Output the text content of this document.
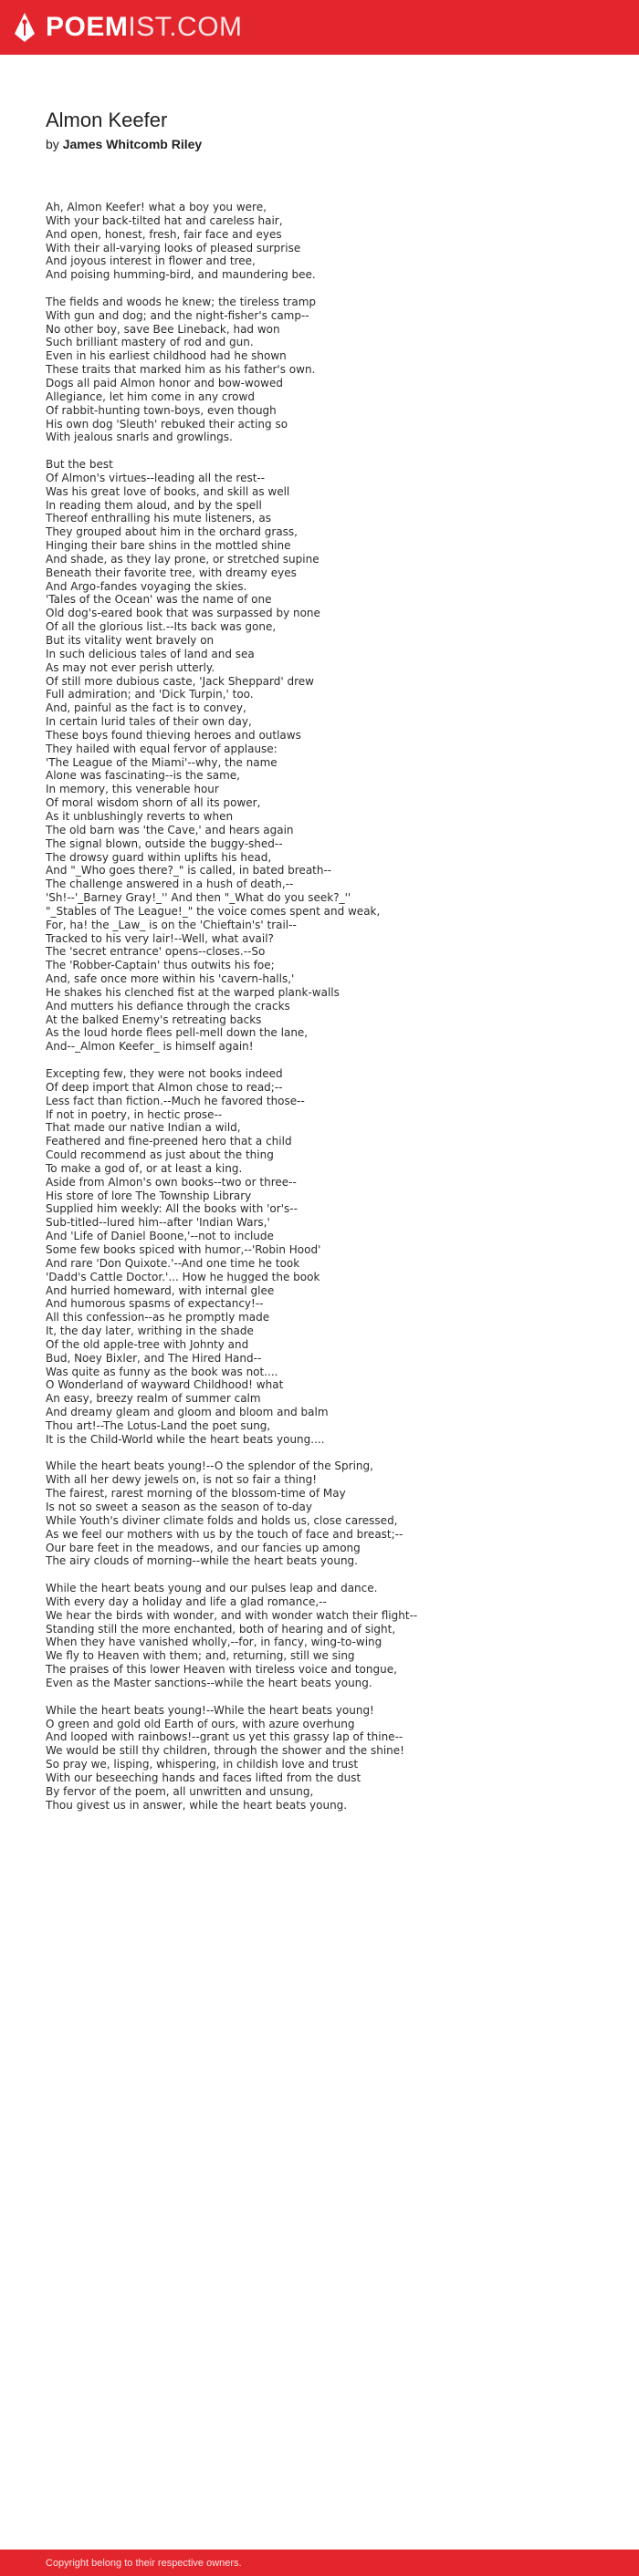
POEMIST.COM
Almon Keefer
by James Whitcomb Riley
Ah, Almon Keefer! what a boy you were,
With your back-tilted hat and careless hair,
And open, honest, fresh, fair face and eyes
With their all-varying looks of pleased surprise
And joyous interest in flower and tree,
And poising humming-bird, and maundering bee.
The fields and woods he knew; the tireless tramp
With gun and dog; and the night-fisher's camp--
No other boy, save Bee Lineback, had won
Such brilliant mastery of rod and gun.
Even in his earliest childhood had he shown
These traits that marked him as his father's own.
Dogs all paid Almon honor and bow-wowed
Allegiance, let him come in any crowd
Of rabbit-hunting town-boys, even though
His own dog 'Sleuth' rebuked their acting so
With jealous snarls and growlings.
But the best
Of Almon's virtues--leading all the rest--
Was his great love of books, and skill as well
In reading them aloud, and by the spell
Thereof enthralling his mute listeners, as
They grouped about him in the orchard grass,
Hinging their bare shins in the mottled shine
And shade, as they lay prone, or stretched supine
Beneath their favorite tree, with dreamy eyes
And Argo-fandes voyaging the skies.
'Tales of the Ocean' was the name of one
Old dog's-eared book that was surpassed by none
Of all the glorious list.--Its back was gone,
But its vitality went bravely on
In such delicious tales of land and sea
As may not ever perish utterly.
Of still more dubious caste, 'Jack Sheppard' drew
Full admiration; and 'Dick Turpin,' too.
And, painful as the fact is to convey,
In certain lurid tales of their own day,
These boys found thieving heroes and outlaws
They hailed with equal fervor of applause:
'The League of the Miami'--why, the name
Alone was fascinating--is the same,
In memory, this venerable hour
Of moral wisdom shorn of all its power,
As it unblushingly reverts to when
The old barn was 'the Cave,' and hears again
The signal blown, outside the buggy-shed--
The drowsy guard within uplifts his head,
And "_Who goes there?_" is called, in bated breath--
The challenge answered in a hush of death,--
'Sh!--'_Barney Gray!_'' And then "_What do you seek?_''
"_Stables of The League!_" the voice comes spent and weak,
For, ha! the _Law_ is on the 'Chieftain's' trail--
Tracked to his very lair!--Well, what avail?
The 'secret entrance' opens--closes.--So
The 'Robber-Captain' thus outwits his foe;
And, safe once more within his 'cavern-halls,'
He shakes his clenched fist at the warped plank-walls
And mutters his defiance through the cracks
At the balked Enemy's retreating backs
As the loud horde flees pell-mell down the lane,
And--_Almon Keefer_ is himself again!
Excepting few, they were not books indeed
Of deep import that Almon chose to read;--
Less fact than fiction.--Much he favored those--
If not in poetry, in hectic prose--
That made our native Indian a wild,
Feathered and fine-preened hero that a child
Could recommend as just about the thing
To make a god of, or at least a king.
Aside from Almon's own books--two or three--
His store of lore The Township Library
Supplied him weekly: All the books with 'or's--
Sub-titled--lured him--after 'Indian Wars,'
And 'Life of Daniel Boone,'--not to include
Some few books spiced with humor,--'Robin Hood'
And rare 'Don Quixote.'--And one time he took
'Dadd's Cattle Doctor.'... How he hugged the book
And hurried homeward, with internal glee
And humorous spasms of expectancy!--
All this confession--as he promptly made
It, the day later, writhing in the shade
Of the old apple-tree with Johnty and
Bud, Noey Bixler, and The Hired Hand--
Was quite as funny as the book was not....
O Wonderland of wayward Childhood! what
An easy, breezy realm of summer calm
And dreamy gleam and gloom and bloom and balm
Thou art!--The Lotus-Land the poet sung,
It is the Child-World while the heart beats young....
While the heart beats young!--O the splendor of the Spring,
With all her dewy jewels on, is not so fair a thing!
The fairest, rarest morning of the blossom-time of May
Is not so sweet a season as the season of to-day
While Youth's diviner climate folds and holds us, close caressed,
As we feel our mothers with us by the touch of face and breast;--
Our bare feet in the meadows, and our fancies up among
The airy clouds of morning--while the heart beats young.
While the heart beats young and our pulses leap and dance.
With every day a holiday and life a glad romance,--
We hear the birds with wonder, and with wonder watch their flight--
Standing still the more enchanted, both of hearing and of sight,
When they have vanished wholly,--for, in fancy, wing-to-wing
We fly to Heaven with them; and, returning, still we sing
The praises of this lower Heaven with tireless voice and tongue,
Even as the Master sanctions--while the heart beats young.
While the heart beats young!--While the heart beats young!
O green and gold old Earth of ours, with azure overhung
And looped with rainbows!--grant us yet this grassy lap of thine--
We would be still thy children, through the shower and the shine!
So pray we, lisping, whispering, in childish love and trust
With our beseeching hands and faces lifted from the dust
By fervor of the poem, all unwritten and unsung,
Thou givest us in answer, while the heart beats young.
Copyright belong to their respective owners.
